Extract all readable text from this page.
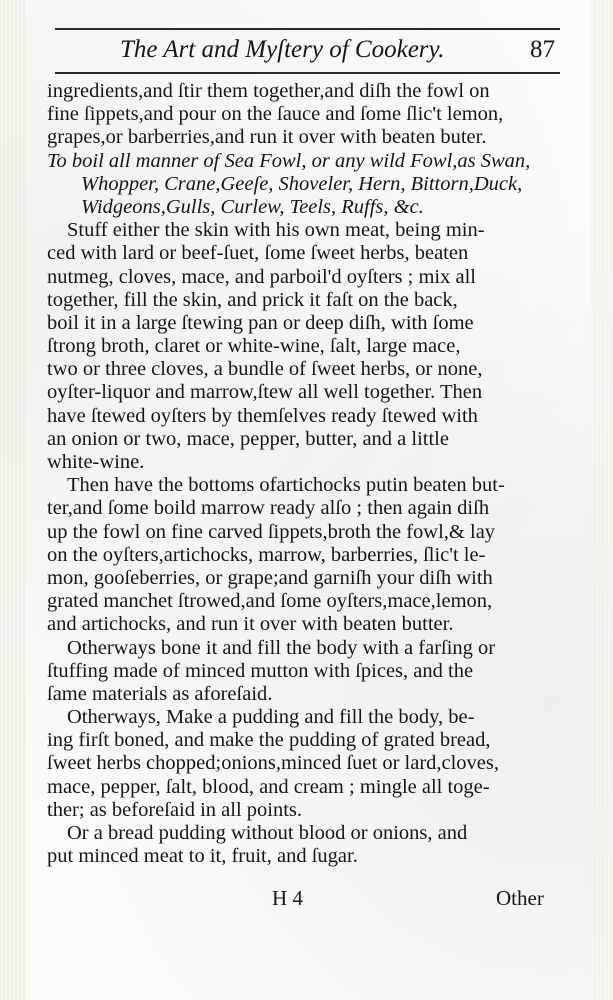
The Art and Myſtery of Cookery.	87
ingredients,and ſtir them together,and diſh the fowl on
fine ſippets,and pour on the ſauce and ſome ſlic't lemon,
grapes,or barberries,and run it over with beaten buter.
To boil all manner of Sea Fowl, or any wild Fowl,as Swan,
Whopper, Crane,Geeſe, Shoveler, Hern, Bittorn,Duck,
Widgeons,Gulls, Curlew, Teels, Ruffs, &c.
Stuff either the skin with his own meat, being min-
ced with lard or beef-ſuet, ſome ſweet herbs, beaten
nutmeg, cloves, mace, and parboil'd oyſters ; mix all
together, fill the skin, and prick it faſt on the back,
boil it in a large ſtewing pan or deep diſh, with ſome
ſtrong broth, claret or white-wine, ſalt, large mace,
two or three cloves, a bundle of ſweet herbs, or none,
oyſter-liquor and marrow,ſtew all well together. Then
have ſtewed oyſters by themſelves ready ſtewed with
an onion or two, mace, pepper, butter, and a little
white-wine.
Then have the bottoms ofartichocks putin beaten but-
ter,and ſome boild marrow ready alſo ; then again diſh
up the fowl on fine carved ſippets,broth the fowl,& lay
on the oyſters,artichocks, marrow, barberries, ſlic't le-
mon, gooſeberries, or grape;and garniſh your diſh with
grated manchet ſtrowed,and ſome oyſters,mace,lemon,
and artichocks, and run it over with beaten butter.
Otherways bone it and fill the body with a farſing or
ſtuffing made of minced mutton with ſpices, and the
ſame materials as aforeſaid.
Otherways, Make a pudding and fill the body, be-
ing firſt boned, and make the pudding of grated bread,
ſweet herbs chopped;onions,minced ſuet or lard,cloves,
mace, pepper, ſalt, blood, and cream ; mingle all toge-
ther; as beforeſaid in all points.
Or a bread pudding without blood or onions, and
put minced meat to it, fruit, and ſugar.
H 4	Other
